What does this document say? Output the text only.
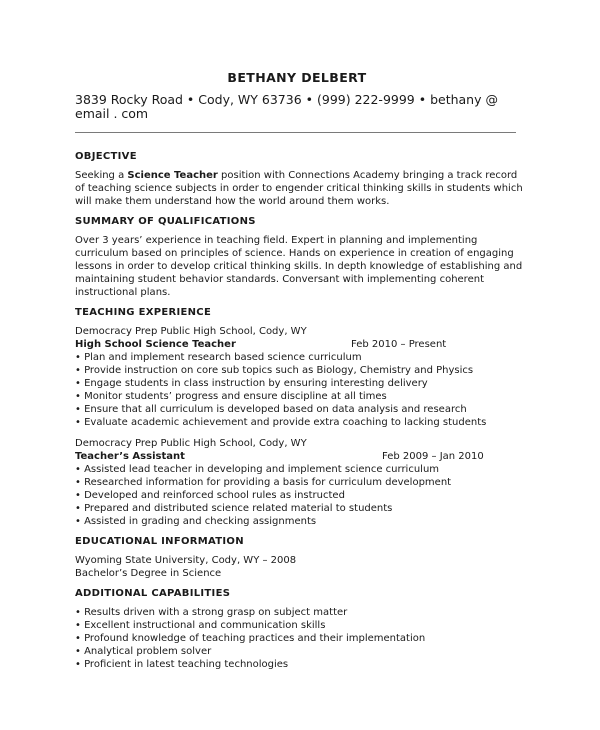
BETHANY DELBERT
3839 Rocky Road • Cody, WY 63736 • (999) 222-9999 • bethany @ email . com

OBJECTIVE

Seeking a Science Teacher position with Connections Academy bringing a track record of teaching science subjects in order to engender critical thinking skills in students which will make them understand how the world around them works.

SUMMARY OF QUALIFICATIONS

Over 3 years’ experience in teaching field. Expert in planning and implementing curriculum based on principles of science. Hands on experience in creation of engaging lessons in order to develop critical thinking skills. In depth knowledge of establishing and maintaining student behavior standards. Conversant with implementing coherent instructional plans.

TEACHING EXPERIENCE

Democracy Prep Public High School, Cody, WY
High School Science Teacher	Feb 2010 – Present
• Plan and implement research based science curriculum
• Provide instruction on core sub topics such as Biology, Chemistry and Physics
• Engage students in class instruction by ensuring interesting delivery
• Monitor students’ progress and ensure discipline at all times
• Ensure that all curriculum is developed based on data analysis and research
• Evaluate academic achievement and provide extra coaching to lacking students
Democracy Prep Public High School, Cody, WY
Teacher’s Assistant	Feb 2009 – Jan 2010
• Assisted lead teacher in developing and implement science curriculum
• Researched information for providing a basis for curriculum development
• Developed and reinforced school rules as instructed
• Prepared and distributed science related material to students
• Assisted in grading and checking assignments

EDUCATIONAL INFORMATION

Wyoming State University, Cody, WY – 2008
Bachelor’s Degree in Science

ADDITIONAL CAPABILITIES

• Results driven with a strong grasp on subject matter
• Excellent instructional and communication skills
• Profound knowledge of teaching practices and their implementation
• Analytical problem solver
• Proficient in latest teaching technologies
